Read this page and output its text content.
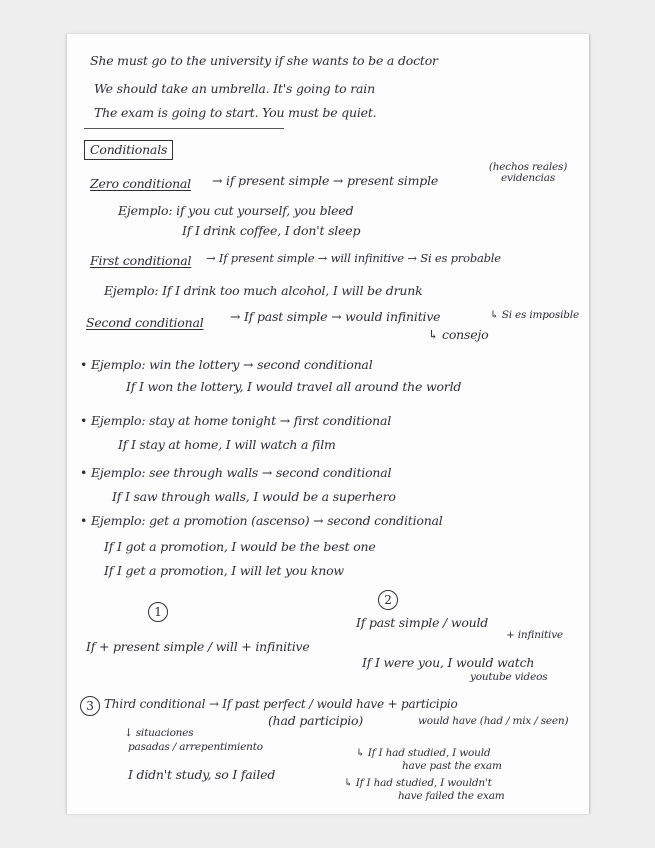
She must go to the university if she wants to be a doctor
We should take an umbrella. It's going to rain
The exam is going to start. You must be quiet.
Conditionals
Zero conditional → if present simple → present simple
(hechos reales) evidencias
Ejemplo: if you cut yourself, you bleed
If I drink coffee, I don't sleep
First conditional → If present simple → will infinitive → Si es probable
Ejemplo: If I drink too much alcohol, I will be drunk
Second conditional → If past simple → would infinitive	↳ Si es imposible
↳ consejo
• Ejemplo: win the lottery → second conditional
If I won the lottery, I would travel all around the world
• Ejemplo: stay at home tonight → first conditional
If I stay at home, I will watch a film
• Ejemplo: see through walls → second conditional
If I saw through walls, I would be a superhero
• Ejemplo: get a promotion (ascenso) → second conditional
If I got a promotion, I would be the best one
If I get a promotion, I will let you know
1
If + present simple / will + infinitive
2
If past simple / would
+ infinitive
If I were you, I would watch
youtube videos
3 Third conditional → If past perfect / would have + participio
(had participio)	would have (had / mix / seen)
↓ situaciones
pasadas / arrepentimiento
I didn't study, so I failed
↳ If I had studied, I would
have past the exam
↳ If I had studied, I wouldn't
have failed the exam
